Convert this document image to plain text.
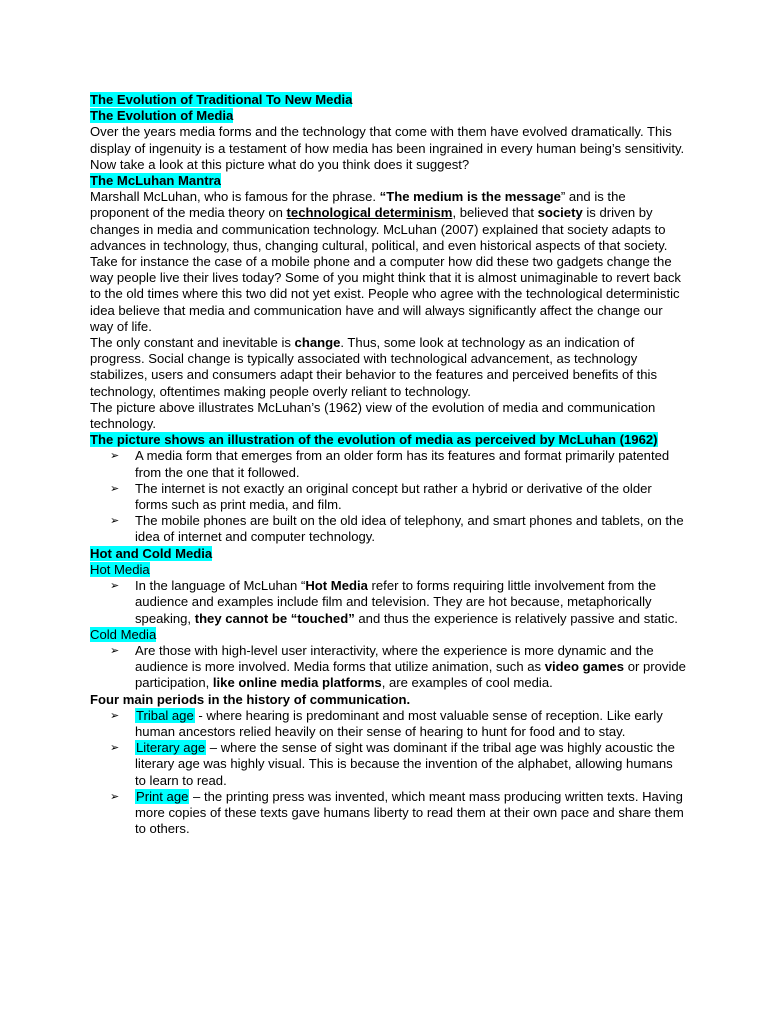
The Evolution of Traditional To New Media
The Evolution of Media

Over the years media forms and the technology that come with them have evolved dramatically. This display of ingenuity is a testament of how media has been ingrained in every human being’s sensitivity. Now take a look at this picture what do you think does it suggest?

The McLuhan Mantra

Marshall McLuhan, who is famous for the phrase. “The medium is the message” and is the proponent of the media theory on technological determinism, believed that society is driven by changes in media and communication technology. McLuhan (2007) explained that society adapts to advances in technology, thus, changing cultural, political, and even historical aspects of that society.

Take for instance the case of a mobile phone and a computer how did these two gadgets change the way people live their lives today? Some of you might think that it is almost unimaginable to revert back to the old times where this two did not yet exist. People who agree with the technological deterministic idea believe that media and communication have and will always significantly affect the change our way of life.

The only constant and inevitable is change. Thus, some look at technology as an indication of progress. Social change is typically associated with technological advancement, as technology stabilizes, users and consumers adapt their behavior to the features and perceived benefits of this technology, oftentimes making people overly reliant to technology.

The picture above illustrates McLuhan’s (1962) view of the evolution of media and communication technology.

The picture shows an illustration of the evolution of media as perceived by McLuhan (1962)

➢	A media form that emerges from an older form has its features and format primarily patented from the one that it followed.
➢	The internet is not exactly an original concept but rather a hybrid or derivative of the older forms such as print media, and film.
➢	The mobile phones are built on the old idea of telephony, and smart phones and tablets, on the idea of internet and computer technology.
Hot and Cold Media
Hot Media
➢	In the language of McLuhan “Hot Media refer to forms requiring little involvement from the audience and examples include film and television. They are hot because, metaphorically speaking, they cannot be “touched” and thus the experience is relatively passive and static.
Cold Media
➢	Are those with high-level user interactivity, where the experience is more dynamic and the audience is more involved. Media forms that utilize animation, such as video games or provide participation, like online media platforms, are examples of cool media.

Four main periods in the history of communication.

➢	Tribal age - where hearing is predominant and most valuable sense of reception. Like early human ancestors relied heavily on their sense of hearing to hunt for food and to stay.
➢	Literary age – where the sense of sight was dominant if the tribal age was highly acoustic the literary age was highly visual. This is because the invention of the alphabet, allowing humans to learn to read.
➢	Print age – the printing press was invented, which meant mass producing written texts. Having more copies of these texts gave humans liberty to read them at their own pace and share them to others.
